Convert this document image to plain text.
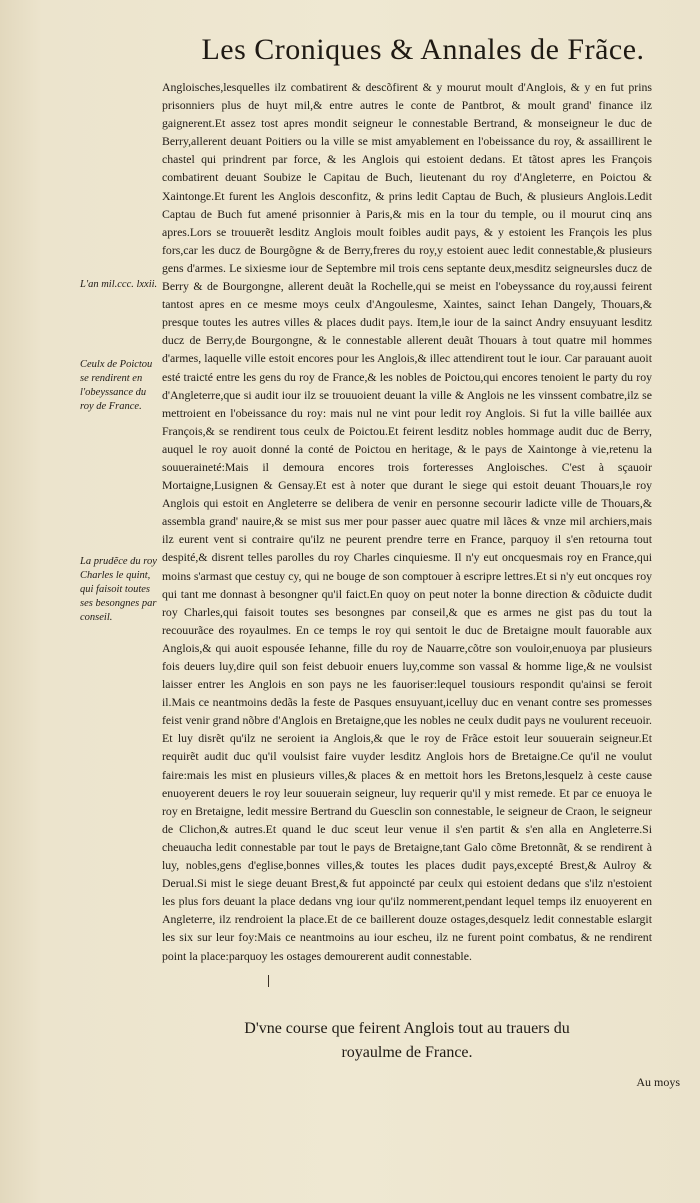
Les Croniques & Annales de Frãce.
L'an mil.ccc. lxxii.
Ceulx de Poictou se rendirent en l'obeyssance du roy de France.
La prudẽce du roy Charles le quint, qui faisoit toutes ses besongnes par conseil.

Angloisches,lesquelles ilz combatirent & descõfirent & y mourut moult d'Anglois, & y en fut prins prisonniers plus de huyt mil,& entre autres le conte de Pantbrot, & moult grand' finance ilz gaignerent.Et assez tost apres mondit seigneur le connestable Bertrand, & monseigneur le duc de Berry,allerent deuant Poitiers ou la ville se mist amyablement en l'obeissance du roy, & assaillirent le chastel qui prindrent par force, & les Anglois qui estoient dedans. Et tãtost apres les François combatirent deuant Soubize le Capitau de Buch, lieutenant du roy d'Angleterre, en Poictou & Xaintonge.Et furent les Anglois desconfitz, & prins ledit Captau de Buch, & plusieurs Anglois.Ledit Captau de Buch fut amené prisonnier à Paris,& mis en la tour du temple, ou il mourut cinq ans apres.Lors se trouuerẽt lesditz Anglois moult foibles audit pays, & y estoient les François les plus fors,car les ducz de Bourgõgne & de Berry,freres du roy,y estoient auec ledit connestable,& plusieurs gens d'armes. Le sixiesme iour de Septembre mil trois cens septante deux,mesditz seigneursles ducz de Berry & de Bourgongne, allerent deuãt la Rochelle,qui se meist en l'obeyssance du roy,aussi feirent tantost apres en ce mesme moys ceulx d'Angoulesme, Xaintes, sainct Iehan Dangely, Thouars,& presque toutes les autres villes & places dudit pays. Item,le iour de la sainct Andry ensuyuant lesditz ducz de Berry,de Bourgongne, & le connestable allerent deuãt Thouars à tout quatre mil hommes d'armes, laquelle ville estoit encores pour les Anglois,& illec attendirent tout le iour. Car parauant auoit esté traicté entre les gens du roy de France,& les nobles de Poictou,qui encores tenoient le party du roy d'Angleterre,que si audit iour ilz se trouuoient deuant la ville & Anglois ne les vinssent combatre,ilz se mettroient en l'obeissance du roy: mais nul ne vint pour ledit roy Anglois. Si fut la ville baillée aux François,& se rendirent tous ceulx de Poictou.Et feirent lesditz nobles hommage audit duc de Berry, auquel le roy auoit donné la conté de Poictou en heritage, & le pays de Xaintonge à vie,retenu la souueraineté:Mais il demoura encores trois forteresses Angloisches. C'est à sçauoir Mortaigne,Lusignen & Gensay.Et est à noter que durant le siege qui estoit deuant Thouars,le roy Anglois qui estoit en Angleterre se delibera de venir en personne secourir ladicte ville de Thouars,& assembla grand' nauire,& se mist sus mer pour passer auec quatre mil lãces & vnze mil archiers,mais ilz eurent vent si contraire qu'ilz ne peurent prendre terre en France, parquoy il s'en retourna tout despité,& disrent telles parolles du roy Charles cinquiesme. Il n'y eut oncquesmais roy en France,qui moins s'armast que cestuy cy, qui ne bouge de son comptouer à escripre lettres.Et si n'y eut oncques roy qui tant me donnast à besongner qu'il faict.En quoy on peut noter la bonne direction & cõduicte dudit roy Charles,qui faisoit toutes ses besongnes par conseil,& que es armes ne gist pas du tout la recouurãce des royaulmes. En ce temps le roy qui sentoit le duc de Bretaigne moult fauorable aux Anglois,& qui auoit espousée Iehanne, fille du roy de Nauarre,cõtre son vouloir,enuoya par plusieurs fois deuers luy,dire quil son feist debuoir enuers luy,comme son vassal & homme lige,& ne voulsist laisser entrer les Anglois en son pays ne les fauoriser:lequel tousiours respondit qu'ainsi se feroit il.Mais ce neantmoins dedãs la feste de Pasques ensuyuant,icelluy duc en venant contre ses promesses feist venir grand nõbre d'Anglois en Bretaigne,que les nobles ne ceulx dudit pays ne voulurent receuoir. Et luy disrẽt qu'ilz ne seroient ia Anglois,& que le roy de Frãce estoit leur souuerain seigneur.Et requirẽt audit duc qu'il voulsist faire vuyder lesditz Anglois hors de Bretaigne.Ce qu'il ne voulut faire:mais les mist en plusieurs villes,& places & en mettoit hors les Bretons,lesquelz à ceste cause enuoyerent deuers le roy leur souuerain seigneur, luy requerir qu'il y mist remede. Et par ce enuoya le roy en Bretaigne, ledit messire Bertrand du Guesclin son connestable, le seigneur de Craon, le seigneur de Clichon,& autres.Et quand le duc sceut leur venue il s'en partit & s'en alla en Angleterre.Si cheuaucha ledit connestable par tout le pays de Bretaigne,tant Galo cõme Bretonnãt, & se rendirent à luy, nobles,gens d'eglise,bonnes villes,& toutes les places dudit pays,excepté Brest,& Aulroy & Derual.Si mist le siege deuant Brest,& fut appoincté par ceulx qui estoient dedans que s'ilz n'estoient les plus fors deuant la place dedans vng iour qu'ilz nommerent,pendant lequel temps ilz enuoyerent en Angleterre, ilz rendroient la place.Et de ce baillerent douze ostages,desquelz ledit connestable eslargit les six sur leur foy:Mais ce neantmoins au iour escheu, ilz ne furent point combatus, & ne rendirent point la place:parquoy les ostages demourerent audit connestable.

D'vne course que feirent Anglois tout au trauers du
royaulme de France.
Au moys
